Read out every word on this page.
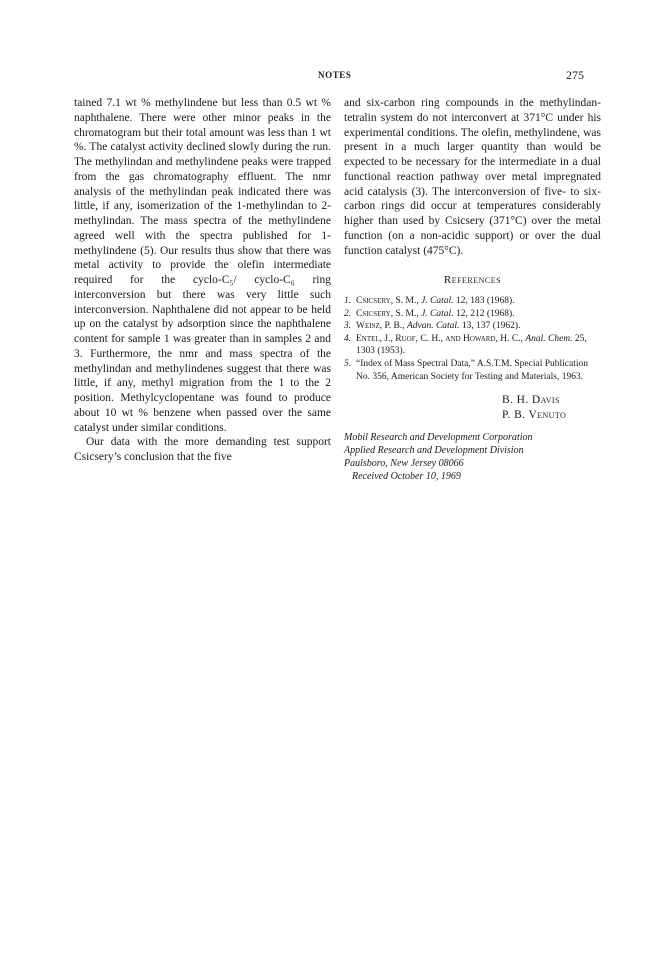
NOTES	275

tained 7.1 wt % methylindene but less than 0.5 wt % naphthalene. There were other minor peaks in the chromatogram but their total amount was less than 1 wt %. The catalyst activity declined slowly during the run. The methylindan and methylindene peaks were trapped from the gas chromatography effluent. The nmr analysis of the methylindan peak indicated there was little, if any, isomerization of the 1-methylindan to 2-methylindan. The mass spectra of the methylindene agreed well with the spectra published for 1-methylindene (5). Our results thus show that there was metal activity to provide the olefin intermediate required for the cyclo-C₅/ cyclo-C₆ ring interconversion but there was very little such interconversion. Naphthalene did not appear to be held up on the catalyst by adsorption since the naphthalene content for sample 1 was greater than in samples 2 and 3. Furthermore, the nmr and mass spectra of the methylindan and methylindenes suggest that there was little, if any, methyl migration from the 1 to the 2 position. Methylcyclopentane was found to produce about 10 wt % benzene when passed over the same catalyst under similar conditions.

Our data with the more demanding test support Csicsery’s conclusion that the five

and six-carbon ring compounds in the methylindan-tetralin system do not interconvert at 371°C under his experimental conditions. The olefin, methylindene, was present in a much larger quantity than would be expected to be necessary for the intermediate in a dual functional reaction pathway over metal impregnated acid catalysis (3). The interconversion of five- to six-carbon rings did occur at temperatures considerably higher than used by Csicsery (371°C) over the metal function (on a non-acidic support) or over the dual function catalyst (475°C).

References
1. Csicsery, S. M., J. Catal. 12, 183 (1968).
2. Csicsery, S. M., J. Catal. 12, 212 (1968).
3. Weisz, P. B., Advan. Catal. 13, 137 (1962).
4. Entel, J., Ruof, C. H., and Howard, H. C., Anal. Chem. 25, 1303 (1953).
5. “Index of Mass Spectral Data,” A.S.T.M. Special Publication No. 356, American Society for Testing and Materials, 1963.
B. H. Davis
P. B. Venuto
Mobil Research and Development Corporation
Applied Research and Development Division
Paulsboro, New Jersey 08066
Received October 10, 1969
